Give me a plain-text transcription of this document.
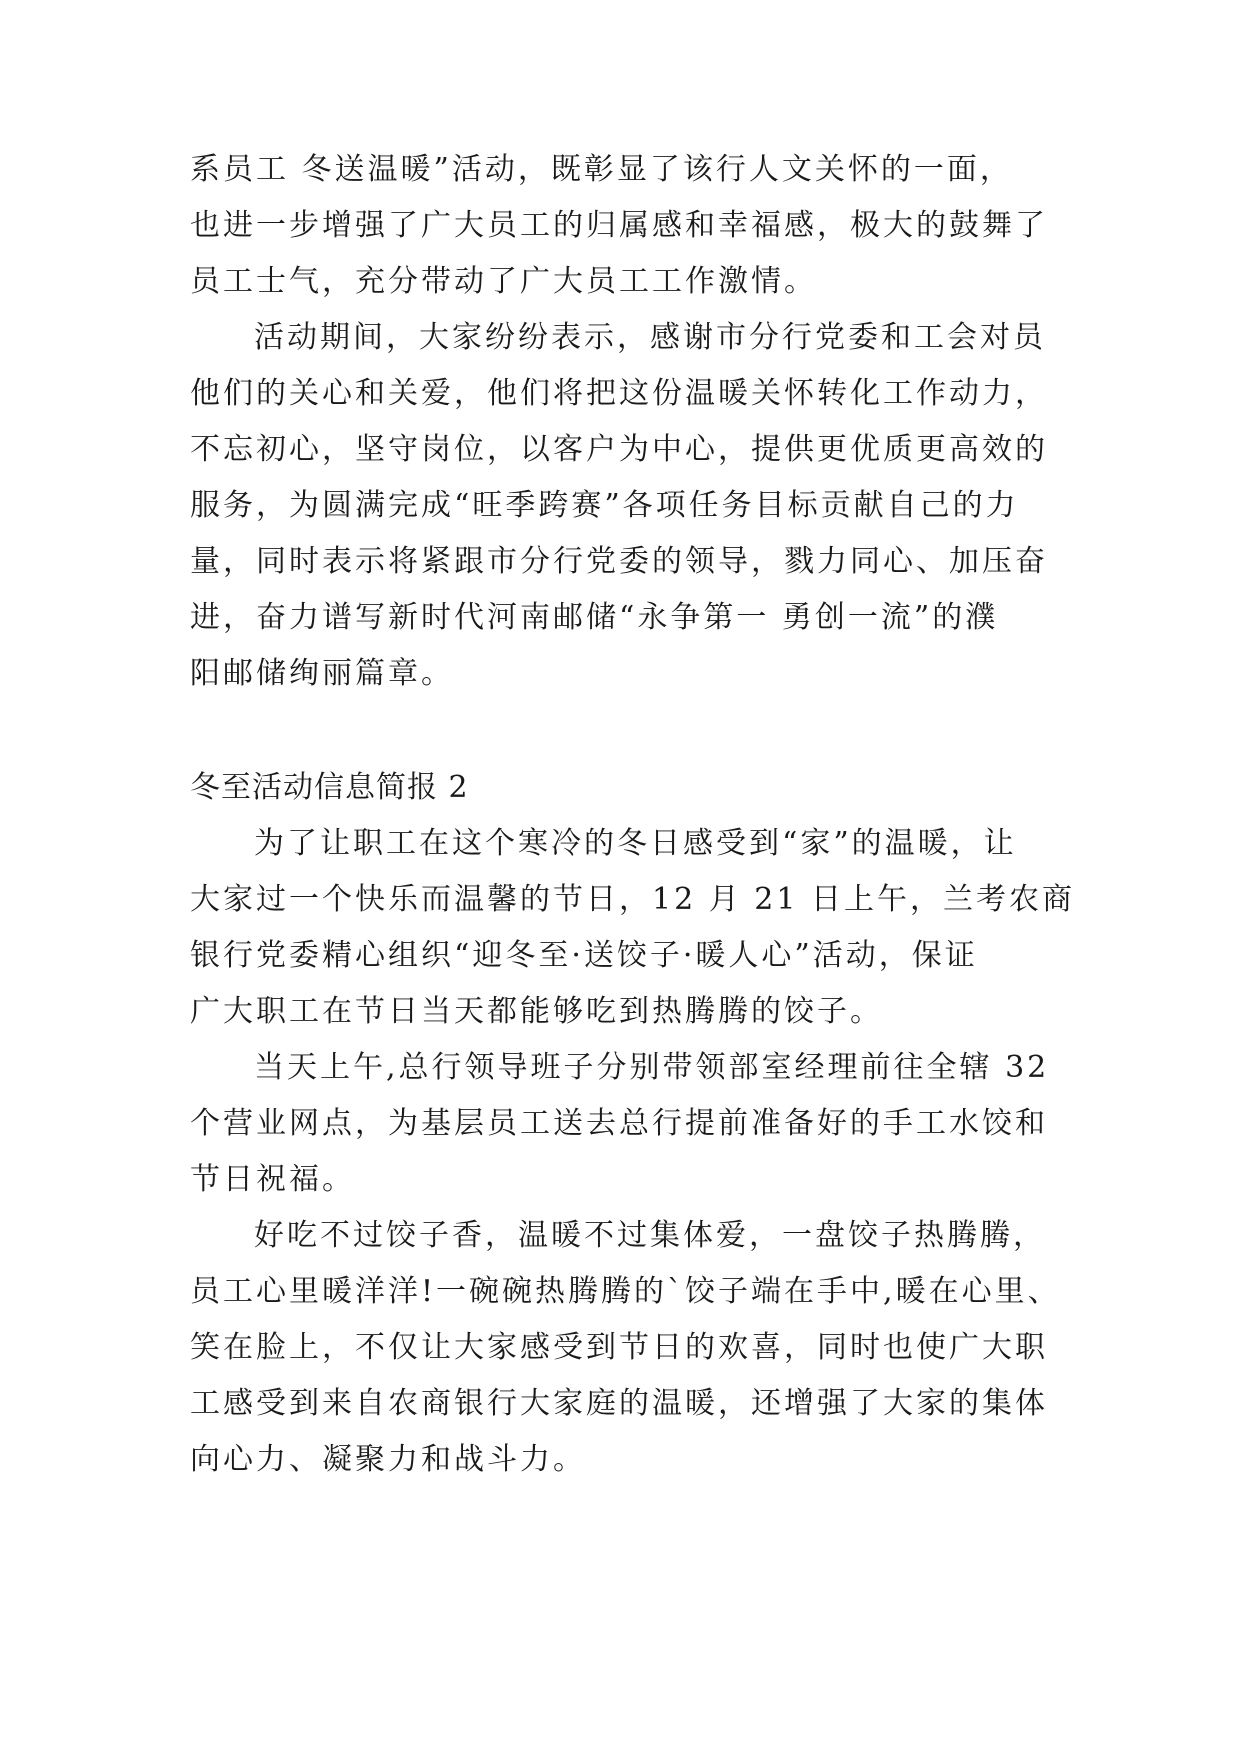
系员工 冬送温暖”活动，既彰显了该行人文关怀的一面，
也进一步增强了广大员工的归属感和幸福感，极大的鼓舞了
员工士气，充分带动了广大员工工作激情。
活动期间，大家纷纷表示，感谢市分行党委和工会对员
他们的关心和关爱，他们将把这份温暖关怀转化工作动力，
不忘初心，坚守岗位，以客户为中心，提供更优质更高效的
服务，为圆满完成“旺季跨赛”各项任务目标贡献自己的力
量，同时表示将紧跟市分行党委的领导，戮力同心、加压奋
进，奋力谱写新时代河南邮储“永争第一 勇创一流”的濮
阳邮储绚丽篇章。
冬至活动信息简报 2
为了让职工在这个寒冷的冬日感受到“家”的温暖，让
大家过一个快乐而温馨的节日，12 月 21 日上午，兰考农商
银行党委精心组织“迎冬至·送饺子·暖人心”活动，保证
广大职工在节日当天都能够吃到热腾腾的饺子。
当天上午,总行领导班子分别带领部室经理前往全辖 32
个营业网点，为基层员工送去总行提前准备好的手工水饺和
节日祝福。
好吃不过饺子香，温暖不过集体爱，一盘饺子热腾腾，
员工心里暖洋洋!一碗碗热腾腾的`饺子端在手中,暖在心里、
笑在脸上，不仅让大家感受到节日的欢喜，同时也使广大职
工感受到来自农商银行大家庭的温暖，还增强了大家的集体
向心力、凝聚力和战斗力。
